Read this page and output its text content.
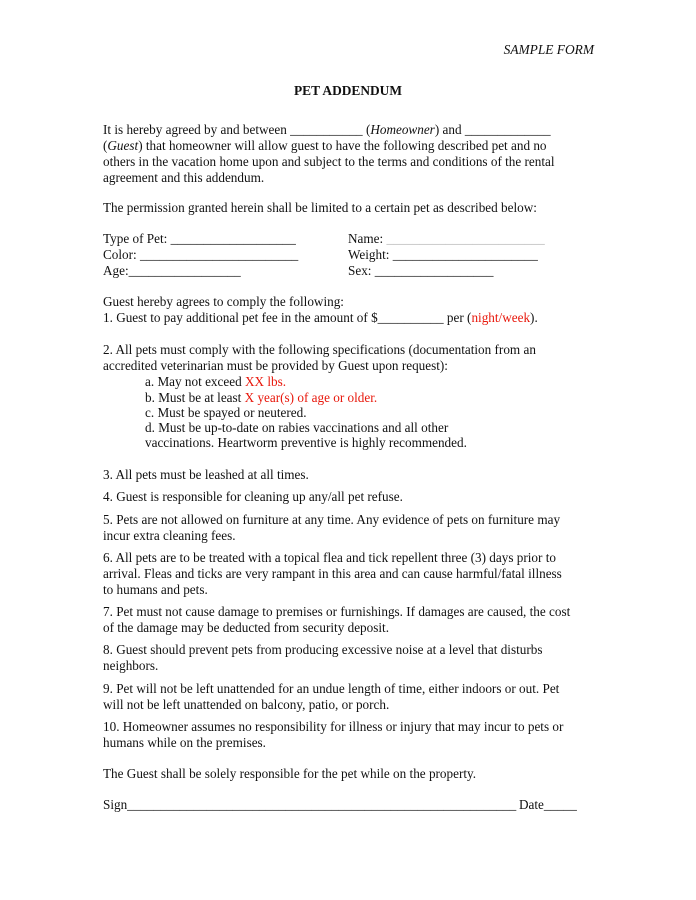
SAMPLE FORM
PET ADDENDUM

It is hereby agreed by and between ___________ (Homeowner) and _____________

(Guest) that homeowner will allow guest to have the following described pet and no

others in the vacation home upon and subject to the terms and conditions of the rental

agreement and this addendum.

The permission granted herein shall be limited to a certain pet as described below:
Type of Pet: ___________________	Name: ________________________
Color: ________________________	Weight: ______________________
Age:_________________	Sex: __________________

Guest hereby agrees to comply the following:

1. Guest to pay additional pet fee in the amount of $__________ per (night/week).

2. All pets must comply with the following specifications (documentation from an

accredited veterinarian must be provided by Guest upon request):

a. May not exceed XX lbs.
b. Must be at least X year(s) of age or older.
c. Must be spayed or neutered.
d. Must be up-to-date on rabies vaccinations and all other
vaccinations. Heartworm preventive is highly recommended.
3. All pets must be leashed at all times.
4. Guest is responsible for cleaning up any/all pet refuse.

5. Pets are not allowed on furniture at any time. Any evidence of pets on furniture may

incur extra cleaning fees.

6. All pets are to be treated with a topical flea and tick repellent three (3) days prior to

arrival. Fleas and ticks are very rampant in this area and can cause harmful/fatal illness

to humans and pets.

7. Pet must not cause damage to premises or furnishings. If damages are caused, the cost

of the damage may be deducted from security deposit.

8. Guest should prevent pets from producing excessive noise at a level that disturbs

neighbors.

9. Pet will not be left unattended for an undue length of time, either indoors or out. Pet

will not be left unattended on balcony, patio, or porch.

10. Homeowner assumes no responsibility for illness or injury that may incur to pets or

humans while on the premises.

The Guest shall be solely responsible for the pet while on the property.
Sign___________________________________________________________ Date_____
